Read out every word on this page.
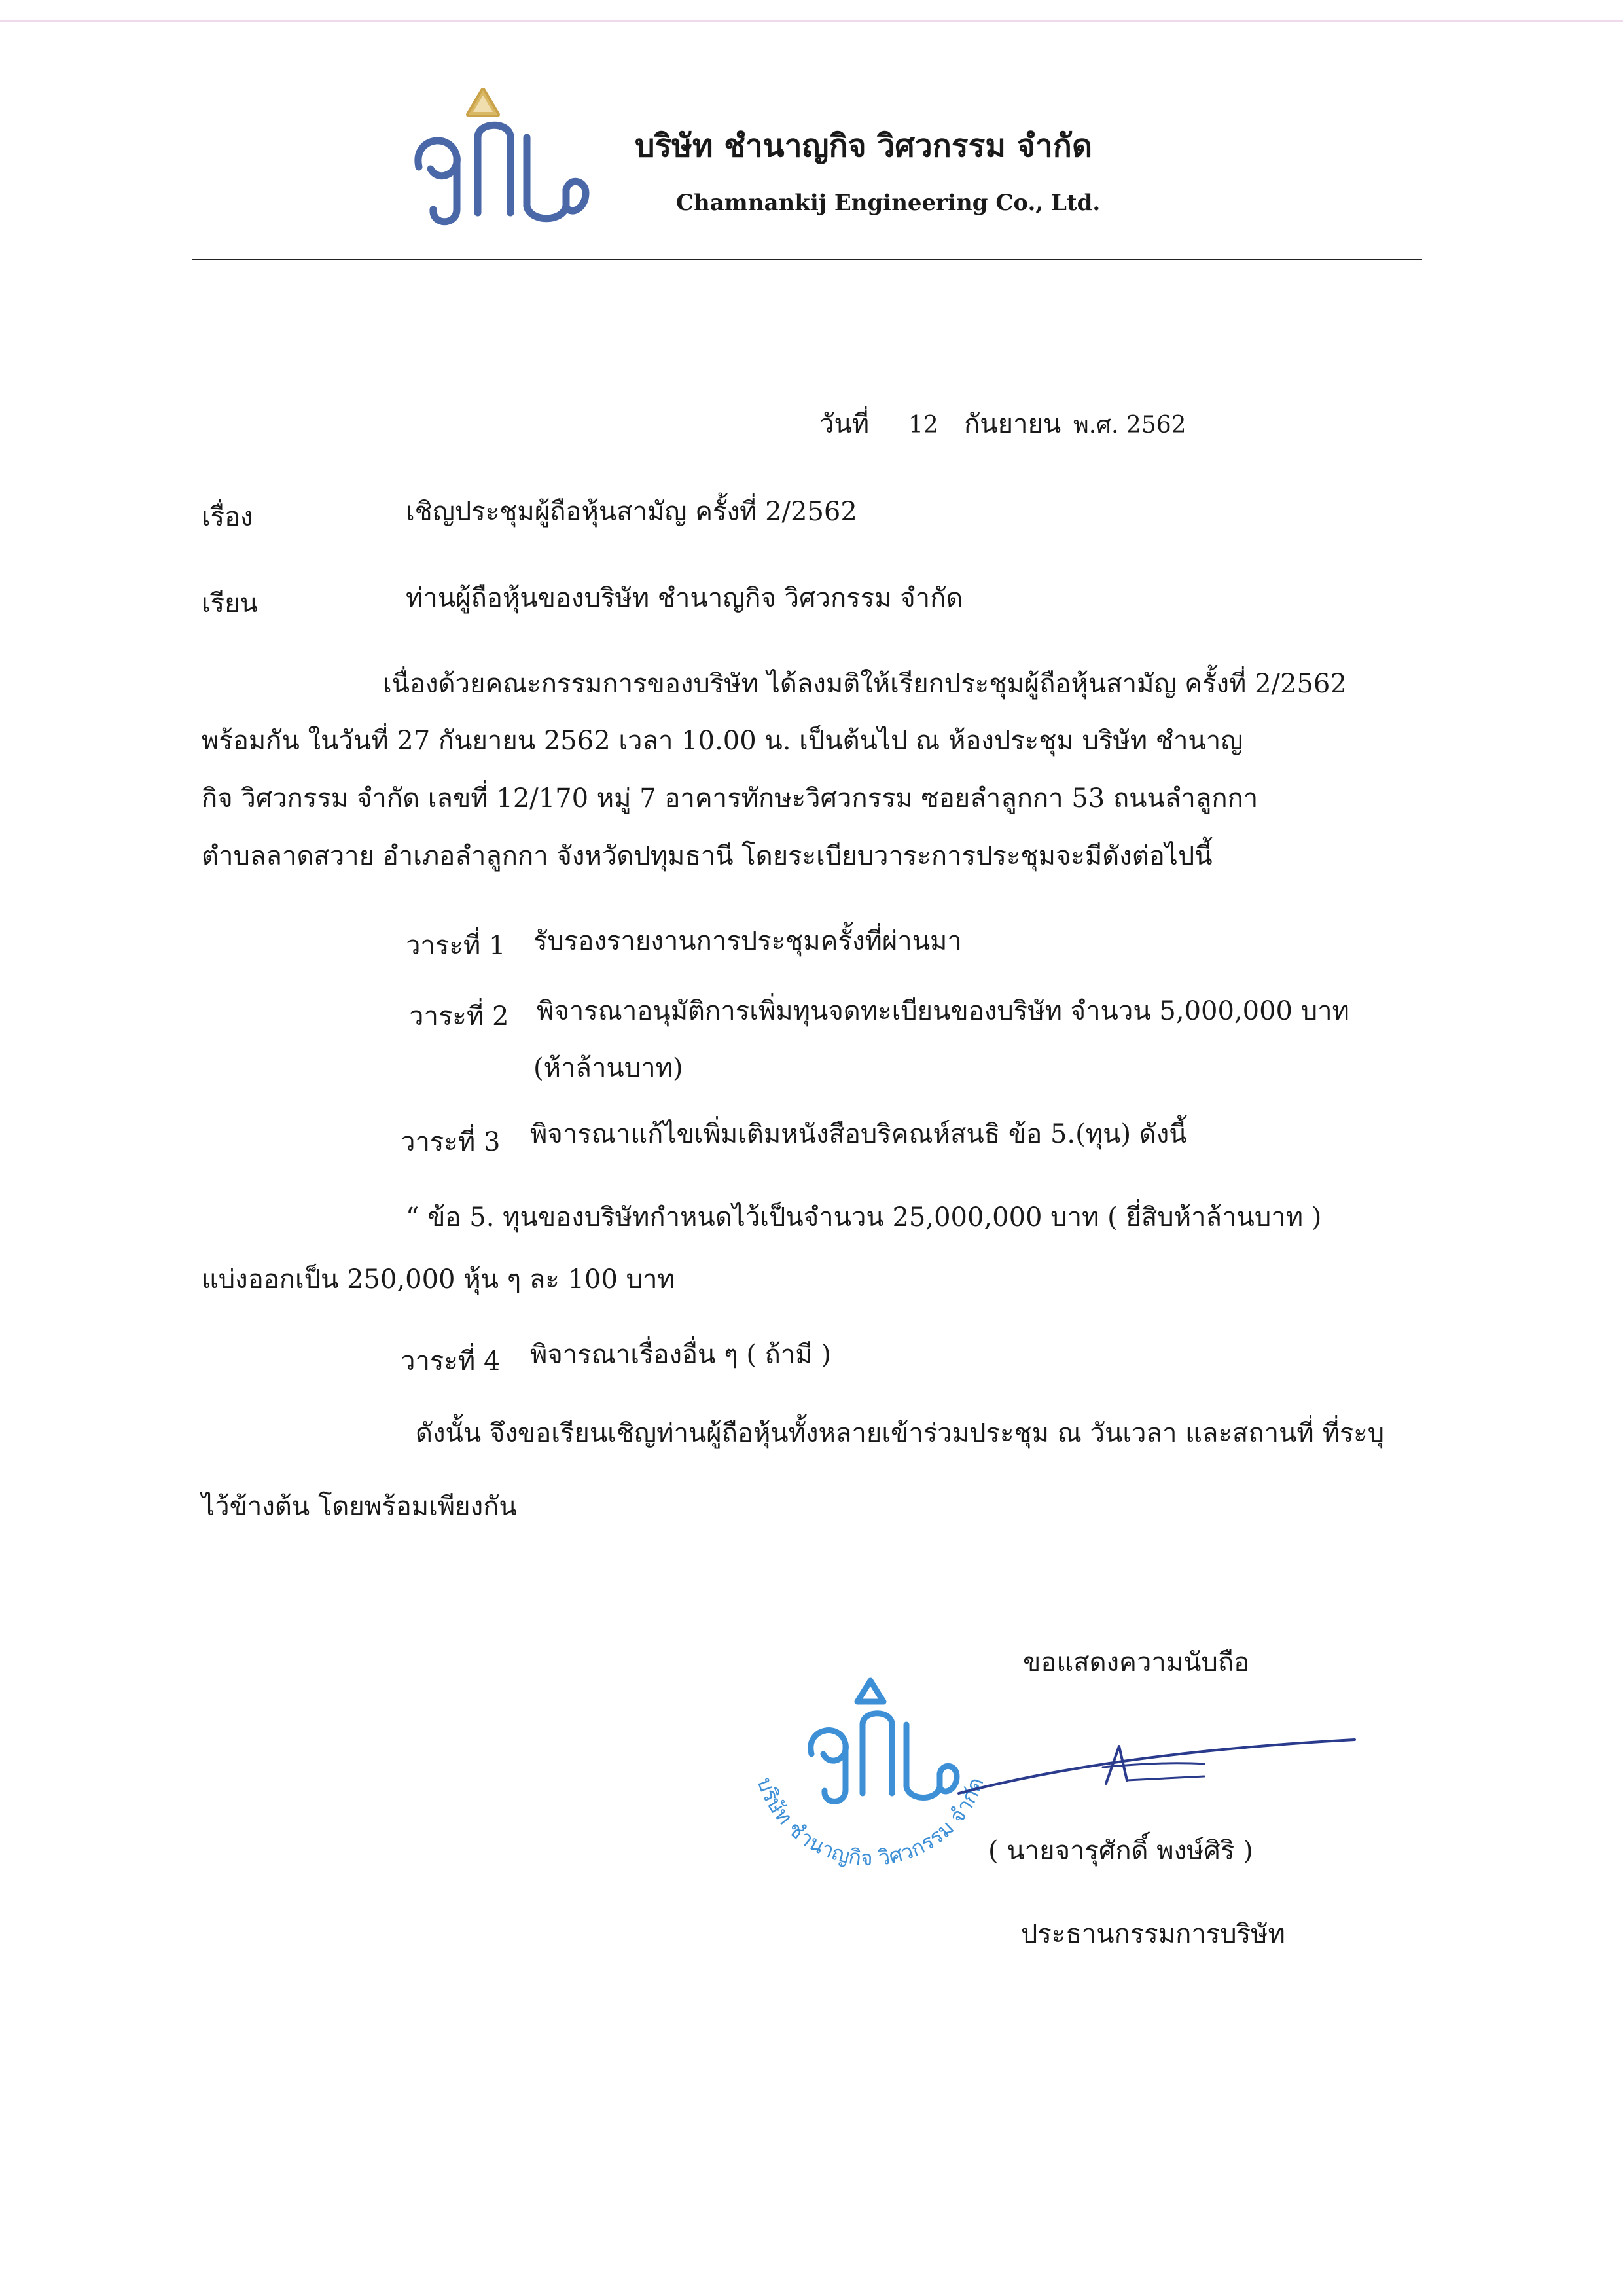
บริษัท ชำนาญกิจ วิศวกรรม จำกัด
Chamnankij Engineering Co., Ltd.
วันที่ 12 กันยายน พ.ศ. 2562
เรื่อง	เชิญประชุมผู้ถือหุ้นสามัญ ครั้งที่ 2/2562
เรียน	ท่านผู้ถือหุ้นของบริษัท ชำนาญกิจ วิศวกรรม จำกัด
เนื่องด้วยคณะกรรมการของบริษัท ได้ลงมติให้เรียกประชุมผู้ถือหุ้นสามัญ ครั้งที่ 2/2562
พร้อมกัน ในวันที่ 27 กันยายน 2562 เวลา 10.00 น. เป็นต้นไป ณ ห้องประชุม บริษัท ชำนาญ
กิจ วิศวกรรม จำกัด เลขที่ 12/170 หมู่ 7 อาคารทักษะวิศวกรรม ซอยลำลูกกา 53 ถนนลำลูกกา
ตำบลลาดสวาย อำเภอลำลูกกา จังหวัดปทุมธานี โดยระเบียบวาระการประชุมจะมีดังต่อไปนี้
วาระที่ 1 รับรองรายงานการประชุมครั้งที่ผ่านมา
วาระที่ 2 พิจารณาอนุมัติการเพิ่มทุนจดทะเบียนของบริษัท จำนวน 5,000,000 บาท
(ห้าล้านบาท)
วาระที่ 3 พิจารณาแก้ไขเพิ่มเติมหนังสือบริคณห์สนธิ ข้อ 5.(ทุน) ดังนี้
“ ข้อ 5. ทุนของบริษัทกำหนดไว้เป็นจำนวน 25,000,000 บาท ( ยี่สิบห้าล้านบาท )
แบ่งออกเป็น 250,000 หุ้น ๆ ละ 100 บาท
วาระที่ 4 พิจารณาเรื่องอื่น ๆ ( ถ้ามี )
ดังนั้น จึงขอเรียนเชิญท่านผู้ถือหุ้นทั้งหลายเข้าร่วมประชุม ณ วันเวลา และสถานที่ ที่ระบุ
ไว้ข้างต้น โดยพร้อมเพียงกัน
ขอแสดงความนับถือ
บริษัท ชำนาญกิจ วิศวกรรม จำกัด
( นายจารุศักดิ์ พงษ์ศิริ )
ประธานกรรมการบริษัท
